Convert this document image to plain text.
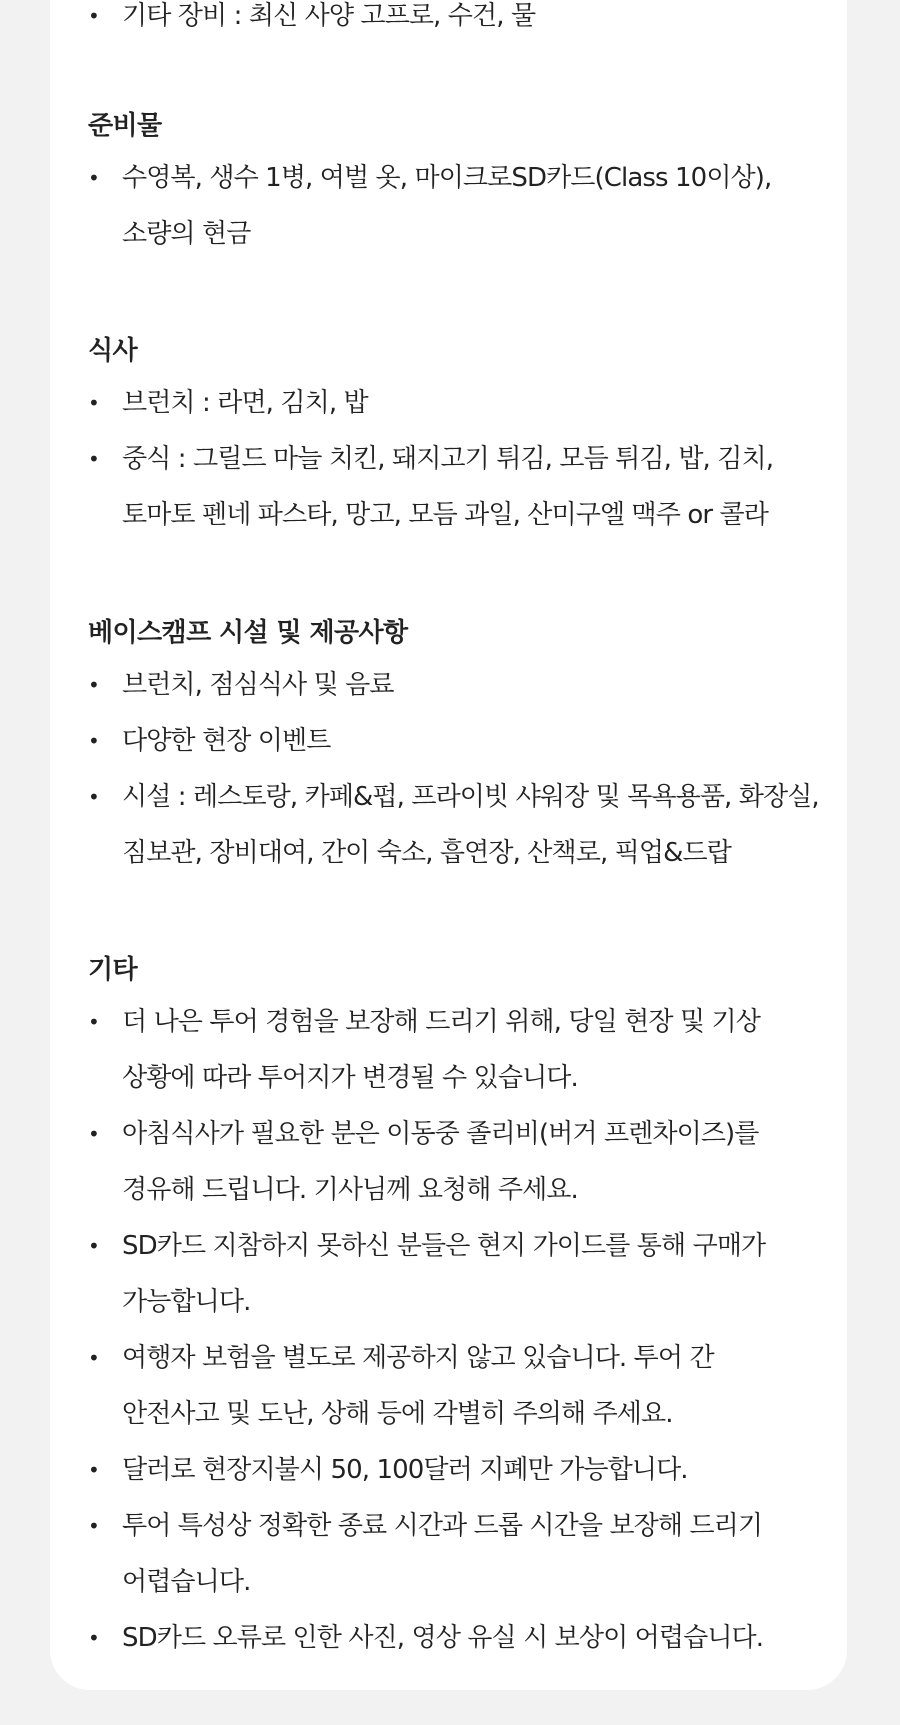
• 기타 장비 : 최신 사양 고프로, 수건, 물
준비물
• 수영복, 생수 1병, 여벌 옷, 마이크로SD카드(Class 10이상),
소량의 현금
식사
• 브런치 : 라면, 김치, 밥
• 중식 : 그릴드 마늘 치킨, 돼지고기 튀김, 모듬 튀김, 밥, 김치,
토마토 펜네 파스타, 망고, 모듬 과일, 산미구엘 맥주 or 콜라
베이스캠프 시설 및 제공사항
• 브런치, 점심식사 및 음료
• 다양한 현장 이벤트
• 시설 : 레스토랑, 카페&펍, 프라이빗 샤워장 및 목욕용품, 화장실,
짐보관, 장비대여, 간이 숙소, 흡연장, 산책로, 픽업&드랍
기타
• 더 나은 투어 경험을 보장해 드리기 위해, 당일 현장 및 기상
상황에 따라 투어지가 변경될 수 있습니다.
• 아침식사가 필요한 분은 이동중 졸리비(버거 프렌차이즈)를
경유해 드립니다. 기사님께 요청해 주세요.
• SD카드 지참하지 못하신 분들은 현지 가이드를 통해 구매가
가능합니다.
• 여행자 보험을 별도로 제공하지 않고 있습니다. 투어 간
안전사고 및 도난, 상해 등에 각별히 주의해 주세요.
• 달러로 현장지불시 50, 100달러 지폐만 가능합니다.
• 투어 특성상 정확한 종료 시간과 드롭 시간을 보장해 드리기
어렵습니다.
• SD카드 오류로 인한 사진, 영상 유실 시 보상이 어렵습니다.
